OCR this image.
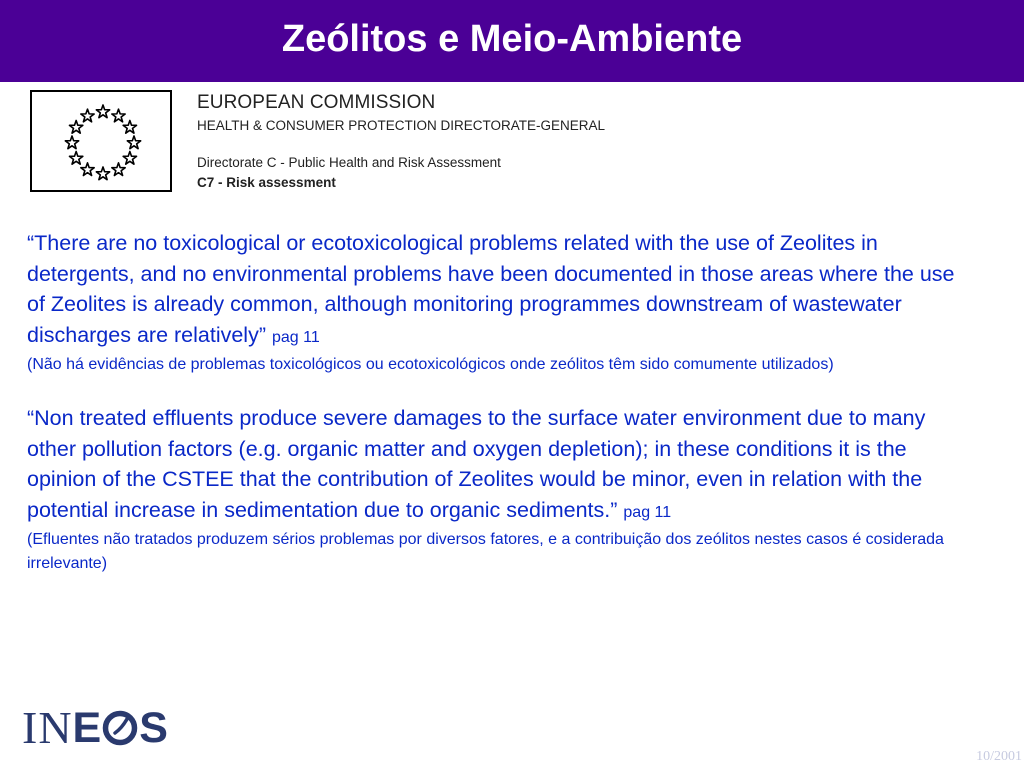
Zeólitos e Meio-Ambiente
EUROPEAN COMMISSION
HEALTH & CONSUMER PROTECTION DIRECTORATE-GENERAL
Directorate C - Public Health and Risk Assessment
C7 - Risk assessment

“There are no toxicological or ecotoxicological problems related with the use of Zeolites in detergents, and no environmental problems have been documented in those areas where the use of Zeolites is already common, although monitoring programmes downstream of wastewater discharges are relatively” pag 11

(Não há evidências de problemas toxicológicos ou ecotoxicológicos onde zeólitos têm sido comumente utilizados)

“Non treated effluents produce severe damages to the surface water environment due to many other pollution factors (e.g. organic matter and oxygen depletion); in these conditions it is the opinion of the CSTEE that the contribution of Zeolites would be minor, even in relation with the potential increase in sedimentation due to organic sediments.” pag 11

(Efluentes não tratados produzem sérios problemas por diversos fatores, e a contribuição dos zeólitos nestes casos é cosiderada irrelevante)

IN E S
10/2001
